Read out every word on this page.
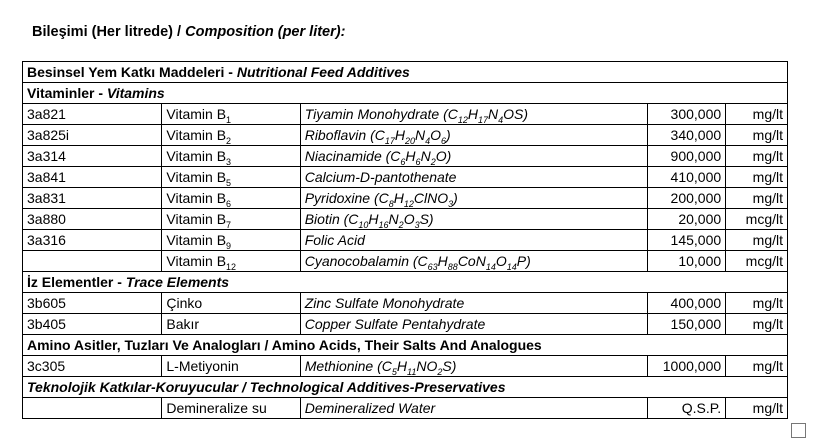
Bileşimi (Her litrede) / Composition (per liter):
Besinsel Yem Katkı Maddeleri - Nutritional Feed Additives				
Vitaminler - Vitamins				
3a821	Vitamin $B_1$	Tiyamin Monohydrate $(C_{12}H_{17}N_4OS)$	300,000	mg/lt
3a825i	Vitamin $B_2$	Riboflavin $(C_{17}H_{20}N_4O_6)$	340,000	mg/lt
3a314	Vitamin $B_3$	Niacinamide $(C_6H_6N_2O)$	900,000	mg/lt
3a841	Vitamin $B_5$	Calcium-D-pantothenate	410,000	mg/lt
3a831	Vitamin $B_6$	Pyridoxine $(C_8H_{12}ClNO_3)$	200,000	mg/lt
3a880	Vitamin $B_7$	Biotin $(C_{10}H_{16}N_2O_3S)$	20,000	mcg/lt
3a316	Vitamin $B_9$	Folic Acid	145,000	mg/lt
	Vitamin $B_{12}$	Cyanocobalamin $(C_{63}H_{88}CoN_{14}O_{14}P)$	10,000	mcg/lt
İz Elementler - Trace Elements				
3b605	Çinko	Zinc Sulfate Monohydrate	400,000	mg/lt
3b405	Bakır	Copper Sulfate Pentahydrate	150,000	mg/lt
Amino Asitler, Tuzları Ve Analogları / Amino Acids, Their Salts And Analogues				
3c305	L-Metiyonin	Methionine $(C_5H_{11}NO_2S)$	1000,000	mg/lt
Teknolojik Katkılar-Koruyucular / Technological Additives-Preservatives				
	Demineralize su	Demineralized Water	Q.S.P.	mg/lt
